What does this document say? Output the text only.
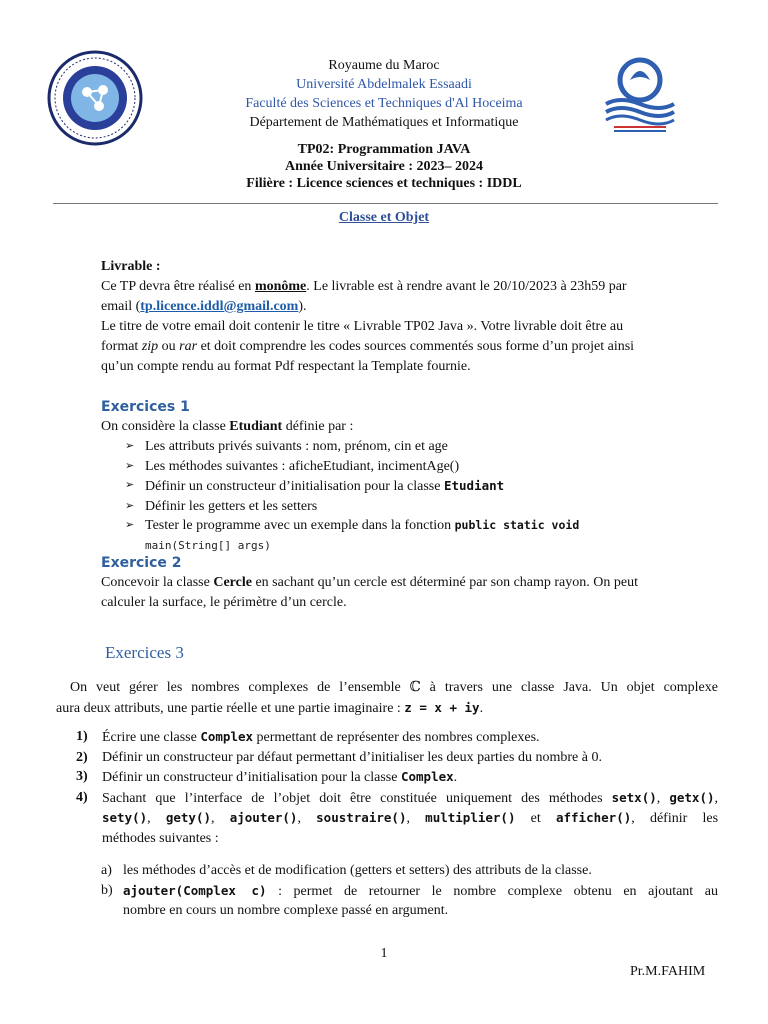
Royaume du Maroc
Université Abdelmalek Essaadi
Faculté des Sciences et Techniques d'Al Hoceima
Département de Mathématiques et Informatique
TP02: Programmation JAVA
Année Universitaire : 2023– 2024
Filière : Licence sciences et techniques : IDDL
Classe et Objet
Livrable :
Ce TP devra être réalisé en monôme. Le livrable est à rendre avant le 20/10/2023 à 23h59 par
email (tp.licence.iddl@gmail.com).
Le titre de votre email doit contenir le titre « Livrable TP02 Java ». Votre livrable doit être au
format zip ou rar et doit comprendre les codes sources commentés sous forme d’un projet ainsi
qu’un compte rendu au format Pdf respectant la Template fournie.
Exercices 1
On considère la classe Etudiant définie par :
➢ Les attributs privés suivants : nom, prénom, cin et age
➢ Les méthodes suivantes : aficheEtudiant, incimentAge()
➢ Définir un constructeur d’initialisation pour la classe Etudiant
➢ Définir les getters et les setters
➢ Tester le programme avec un exemple dans la fonction public static void
main(String[] args)
Exercice 2
Concevoir la classe Cercle en sachant qu’un cercle est déterminé par son champ rayon. On peut
calculer la surface, le périmètre d’un cercle.
Exercices 3
On veut gérer les nombres complexes de l’ensemble ℂ à travers une classe Java. Un objet complexe
aura deux attributs, une partie réelle et une partie imaginaire : z = x + iy.
1)	Écrire une classe Complex permettant de représenter des nombres complexes.
2)	Définir un constructeur par défaut permettant d’initialiser les deux parties du nombre à 0.
3)	Définir un constructeur d’initialisation pour la classe Complex.
4)	Sachant que l’interface de l’objet doit être constituée uniquement des méthodes setx(), getx(),
sety(), gety(), ajouter(), soustraire(), multiplier() et afficher(), définir les
méthodes suivantes :
a) les méthodes d’accès et de modification (getters et setters) des attributs de la classe.
b) ajouter(Complex c) : permet de retourner le nombre complexe obtenu en ajoutant au
nombre en cours un nombre complexe passé en argument.
1
Pr.M.FAHIM
